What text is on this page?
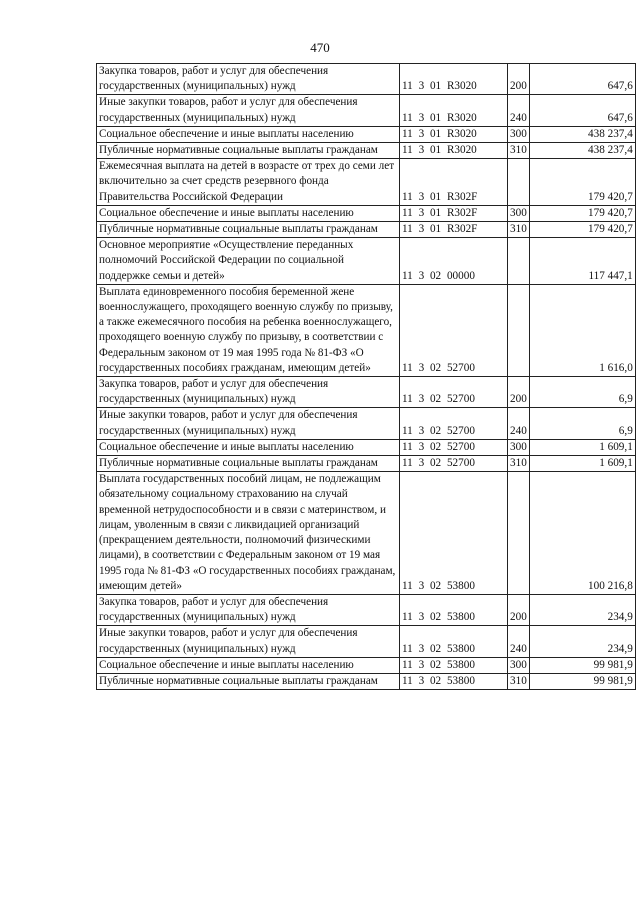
470
Закупка товаров, работ и услуг для обеспечения государственных (муниципальных) нужд	11 3 01 R3020	200	647,6

Иные закупки товаров, работ и услуг для обеспечения государственных (муниципальных) нужд	11 3 01 R3020	240	647,6

Социальное обеспечение и иные выплаты населению	11 3 01 R3020	300	438 237,4

Публичные нормативные социальные выплаты гражданам	11 3 01 R3020	310	438 237,4

Ежемесячная выплата на детей в возрасте от трех до семи лет включительно за счет средств резервного фонда Правительства Российской Федерации	11 3 01 R302F		179 420,7

Социальное обеспечение и иные выплаты населению	11 3 01 R302F	300	179 420,7

Публичные нормативные социальные выплаты гражданам	11 3 01 R302F	310	179 420,7

Основное мероприятие «Осуществление переданных полномочий Российской Федерации по социальной поддержке семьи и детей»	11 3 02 00000		117 447,1

Выплата единовременного пособия беременной жене военнослужащего, проходящего военную службу по призыву, а также ежемесячного пособия на ребенка военнослужащего, проходящего военную службу по призыву, в соответствии с Федеральным законом от 19 мая 1995 года № 81-ФЗ «О государственных пособиях гражданам, имеющим детей»	11 3 02 52700		1 616,0

Закупка товаров, работ и услуг для обеспечения государственных (муниципальных) нужд	11 3 02 52700	200	6,9

Иные закупки товаров, работ и услуг для обеспечения государственных (муниципальных) нужд	11 3 02 52700	240	6,9

Социальное обеспечение и иные выплаты населению	11 3 02 52700	300	1 609,1

Публичные нормативные социальные выплаты гражданам	11 3 02 52700	310	1 609,1

Выплата государственных пособий лицам, не подлежащим обязательному социальному страхованию на случай временной нетрудоспособности и в связи с материнством, и лицам, уволенным в связи с ликвидацией организаций (прекращением деятельности, полномочий физическими лицами), в соответствии с Федеральным законом от 19 мая 1995 года № 81-ФЗ «О государственных пособиях гражданам, имеющим детей»	11 3 02 53800		100 216,8

Закупка товаров, работ и услуг для обеспечения государственных (муниципальных) нужд	11 3 02 53800	200	234,9

Иные закупки товаров, работ и услуг для обеспечения государственных (муниципальных) нужд	11 3 02 53800	240	234,9

Социальное обеспечение и иные выплаты населению	11 3 02 53800	300	99 981,9

Публичные нормативные социальные выплаты гражданам	11 3 02 53800	310	99 981,9
